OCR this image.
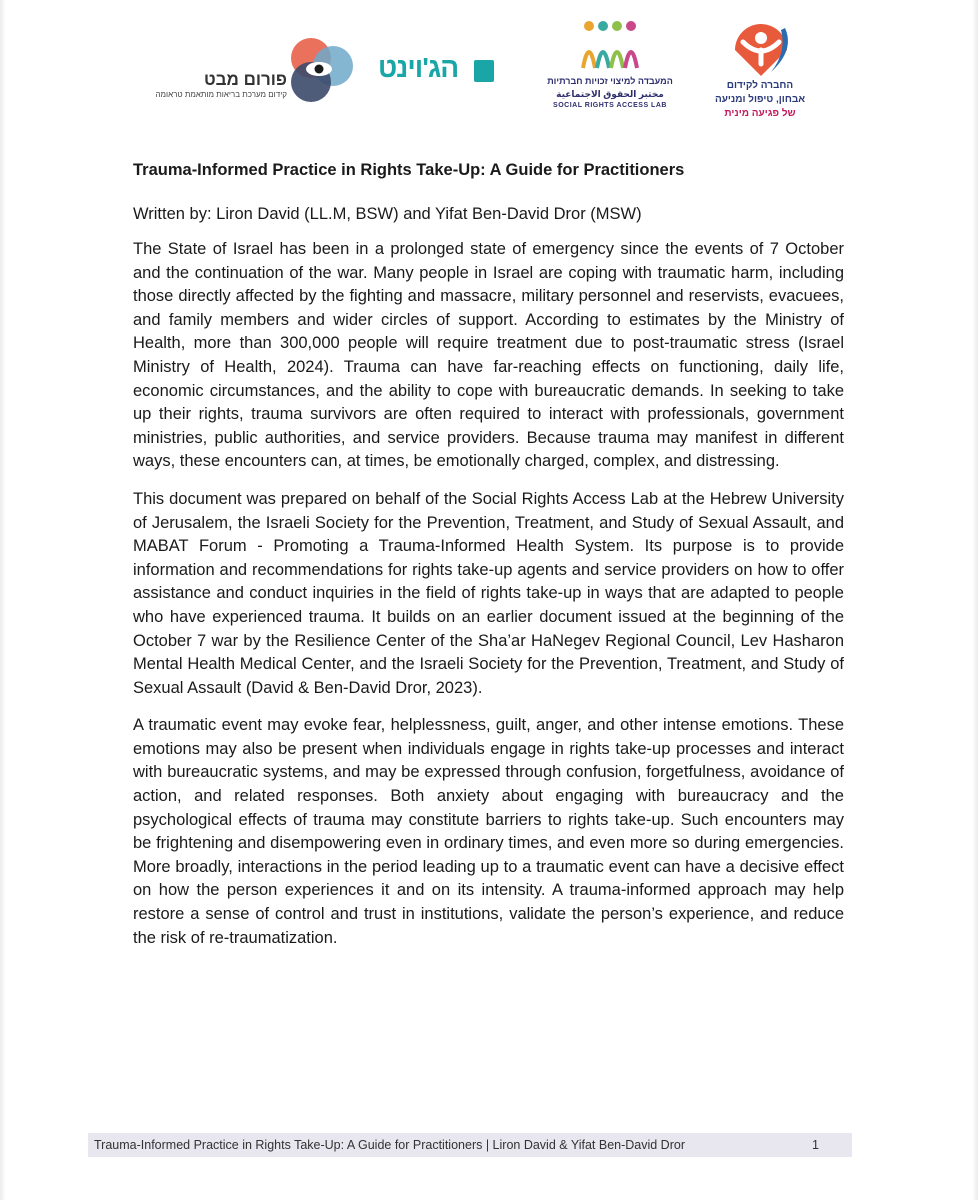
פורום מבט
קידום מערכת בריאות מותאמת טראומה
הג'וינט	המעבדה למיצוי זכויות חברתיות
مختبر الحقوق الاجتماعية
SOCIAL RIGHTS ACCESS LAB
החברה לקידום
אבחון, טיפול ומניעה
של פגיעה מינית
Trauma-Informed Practice in Rights Take-Up: A Guide for Practitioners

Written by: Liron David (LL.M, BSW) and Yifat Ben-David Dror (MSW)

The State of Israel has been in a prolonged state of emergency since the events of 7 October and the continuation of the war. Many people in Israel are coping with traumatic harm, including those directly affected by the fighting and massacre, military personnel and reservists, evacuees, and family members and wider circles of support. According to estimates by the Ministry of Health, more than 300,000 people will require treatment due to post-traumatic stress (Israel Ministry of Health, 2024). Trauma can have far-reaching effects on functioning, daily life, economic circumstances, and the ability to cope with bureaucratic demands. In seeking to take up their rights, trauma survivors are often required to interact with professionals, government ministries, public authorities, and service providers. Because trauma may manifest in different ways, these encounters can, at times, be emotionally charged, complex, and distressing.

This document was prepared on behalf of the Social Rights Access Lab at the Hebrew University of Jerusalem, the Israeli Society for the Prevention, Treatment, and Study of Sexual Assault, and MABAT Forum - Promoting a Trauma-Informed Health System. Its purpose is to provide information and recommendations for rights take-up agents and service providers on how to offer assistance and conduct inquiries in the field of rights take-up in ways that are adapted to people who have experienced trauma. It builds on an earlier document issued at the beginning of the October 7 war by the Resilience Center of the Sha’ar HaNegev Regional Council, Lev Hasharon Mental Health Medical Center, and the Israeli Society for the Prevention, Treatment, and Study of Sexual Assault (David & Ben-David Dror, 2023).

A traumatic event may evoke fear, helplessness, guilt, anger, and other intense emotions. These emotions may also be present when individuals engage in rights take-up processes and interact with bureaucratic systems, and may be expressed through confusion, forgetfulness, avoidance of action, and related responses. Both anxiety about engaging with bureaucracy and the psychological effects of trauma may constitute barriers to rights take-up. Such encounters may be frightening and disempowering even in ordinary times, and even more so during emergencies. More broadly, interactions in the period leading up to a traumatic event can have a decisive effect on how the person experiences it and on its intensity. A trauma-informed approach may help restore a sense of control and trust in institutions, validate the person’s experience, and reduce the risk of re-traumatization.

Trauma-Informed Practice in Rights Take-Up: A Guide for Practitioners | Liron David & Yifat Ben-David Dror	1
